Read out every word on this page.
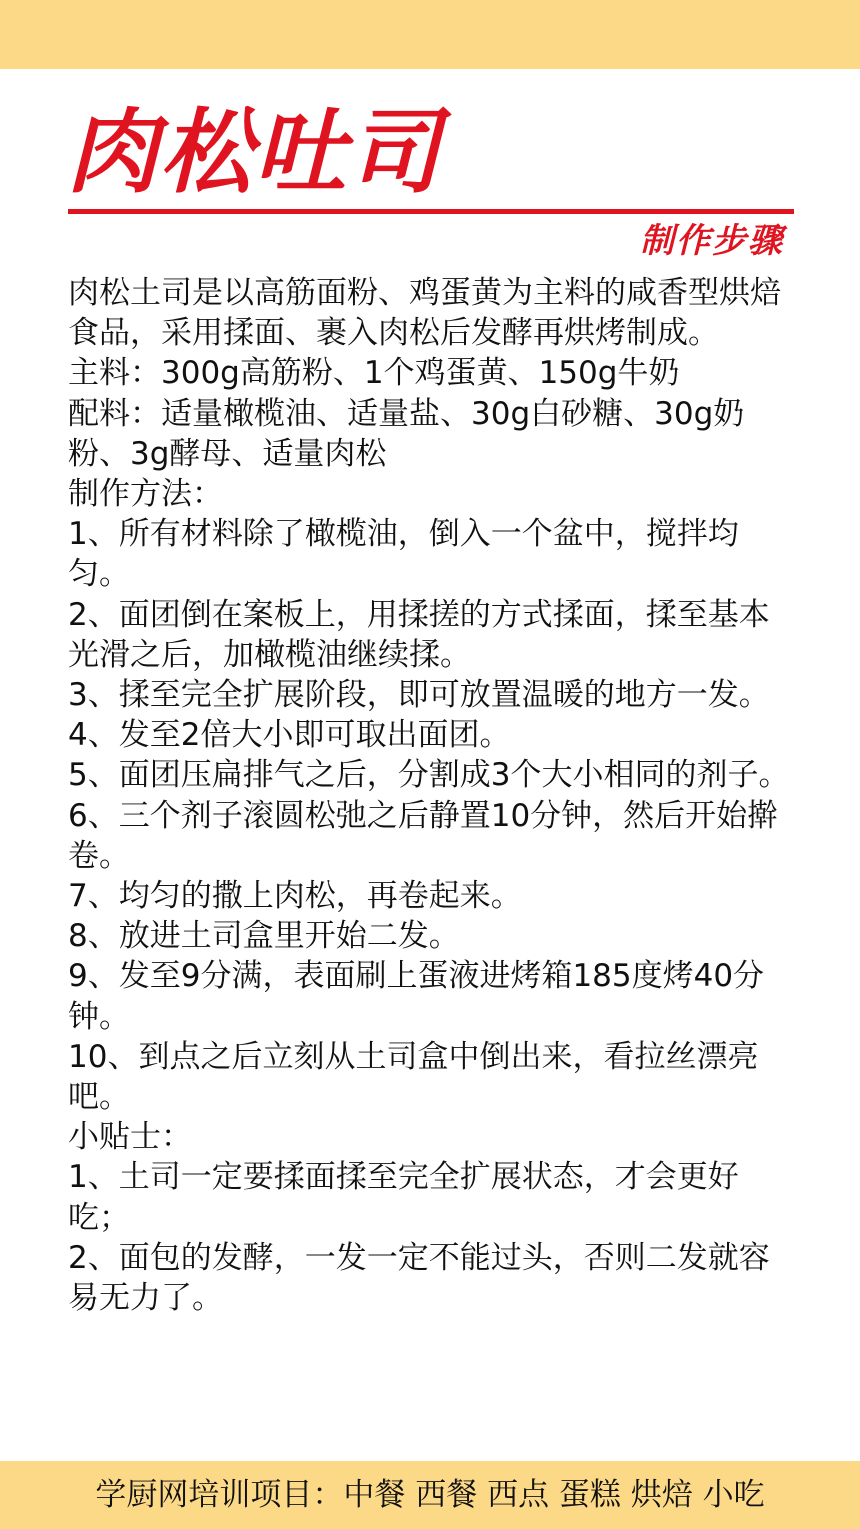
肉松吐司
制作步骤

肉松土司是以高筋面粉、鸡蛋黄为主料的咸香型烘焙食品，采用揉面、裹入肉松后发酵再烘烤制成。

主料：300g高筋粉、1个鸡蛋黄、150g牛奶

配料：适量橄榄油、适量盐、30g白砂糖、30g奶粉、3g酵母、适量肉松

制作方法：

1、所有材料除了橄榄油，倒入一个盆中，搅拌均匀。

2、面团倒在案板上，用揉搓的方式揉面，揉至基本光滑之后，加橄榄油继续揉。

3、揉至完全扩展阶段，即可放置温暖的地方一发。

4、发至2倍大小即可取出面团。

5、面团压扁排气之后，分割成3个大小相同的剂子。

6、三个剂子滚圆松弛之后静置10分钟，然后开始擀卷。

7、均匀的撒上肉松，再卷起来。

8、放进土司盒里开始二发。

9、发至9分满，表面刷上蛋液进烤箱185度烤40分钟。

10、到点之后立刻从土司盒中倒出来，看拉丝漂亮吧。

小贴士：

1、土司一定要揉面揉至完全扩展状态，才会更好吃；

2、面包的发酵，一发一定不能过头，否则二发就容易无力了。

学厨网培训项目：中餐 西餐 西点 蛋糕 烘焙 小吃
